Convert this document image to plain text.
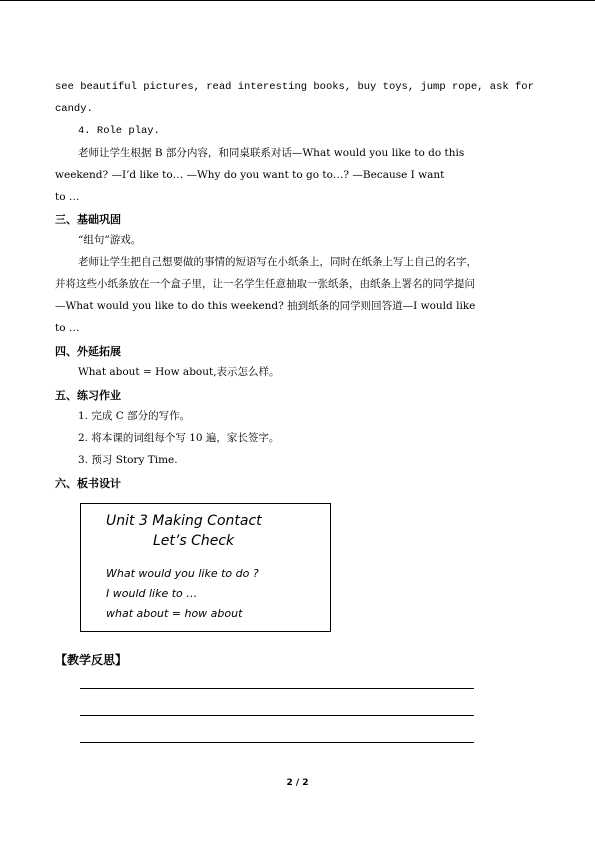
see beautiful pictures, read interesting books, buy toys, jump rope, ask for
candy.
4. Role play.
老师让学生根据 B 部分内容，和同桌联系对话—What would you like to do this
weekend? —I’d like to… —Why do you want to go to…? —Because I want
to …
三、基础巩固
“组句”游戏。
老师让学生把自己想要做的事情的短语写在小纸条上，同时在纸条上写上自己的名字，
并将这些小纸条放在一个盒子里，让一名学生任意抽取一张纸条，由纸条上署名的同学提问
—What would you like to do this weekend? 抽到纸条的同学则回答道—I would like
to …
四、外延拓展
What about = How about,表示怎么样。
五、练习作业
1. 完成 C 部分的写作。
2. 将本课的词组每个写 10 遍，家长签字。
3. 预习 Story Time.
六、板书设计
Unit 3 Making Contact
Let’s Check
What would you like to do ?
I would like to …
what about = how about
【教学反思】
2 / 2
